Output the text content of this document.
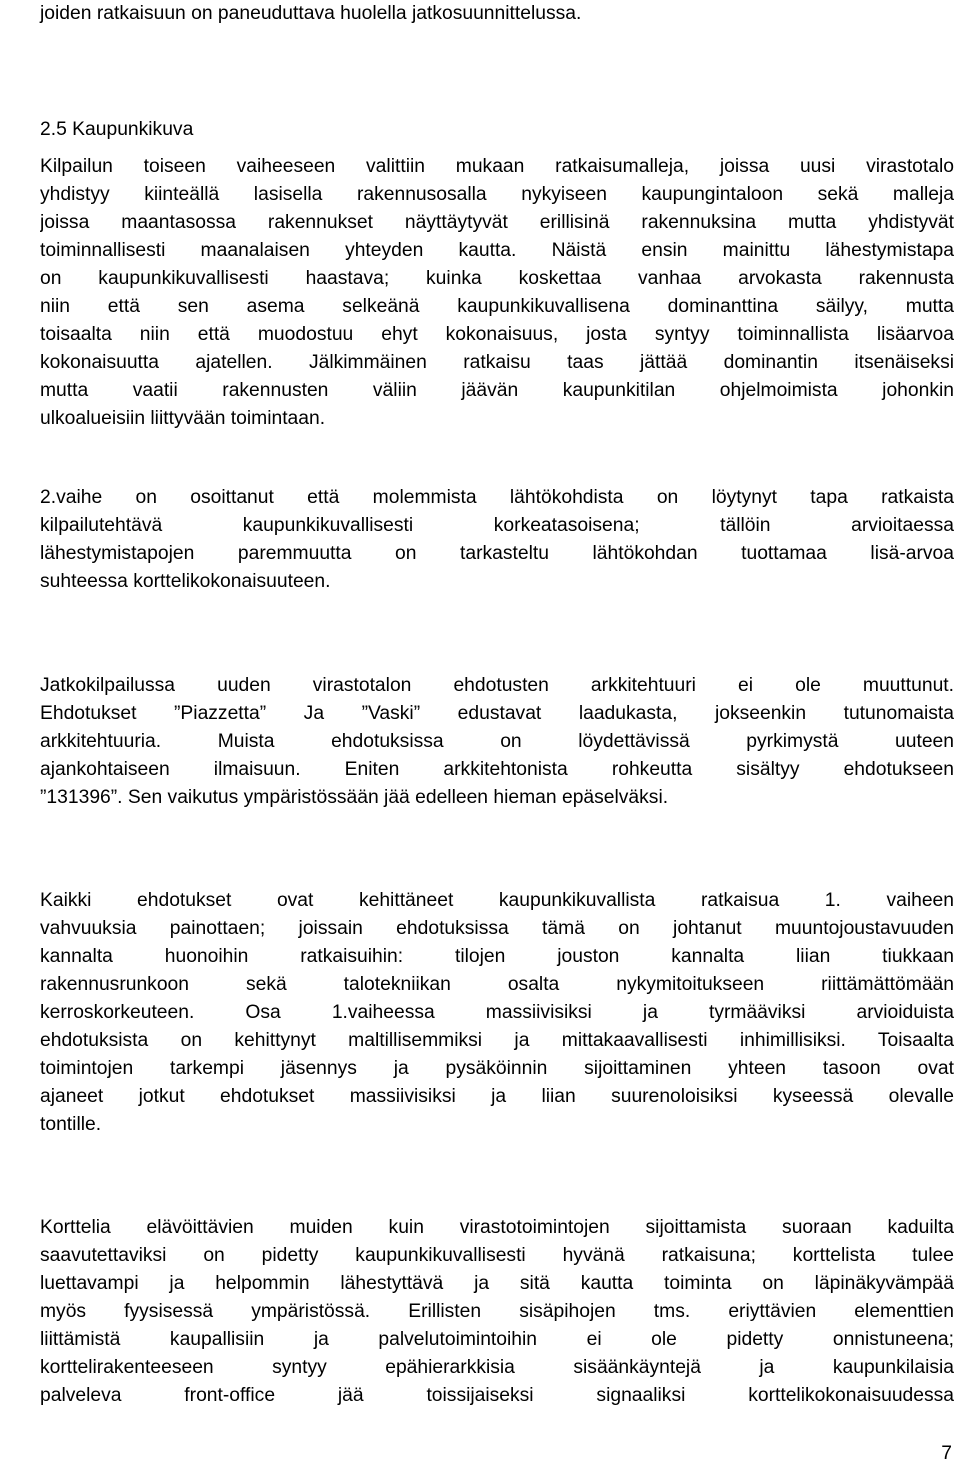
joiden ratkaisuun on paneuduttava huolella jatkosuunnittelussa.
2.5 Kaupunkikuva
Kilpailun toiseen vaiheeseen valittiin mukaan ratkaisumalleja, joissa uusi virastotalo
yhdistyy kiinteällä lasisella rakennusosalla nykyiseen kaupungintaloon sekä malleja
joissa maantasossa rakennukset näyttäytyvät erillisinä rakennuksina mutta yhdistyvät
toiminnallisesti maanalaisen yhteyden kautta. Näistä ensin mainittu lähestymistapa
on kaupunkikuvallisesti haastava; kuinka koskettaa vanhaa arvokasta rakennusta
niin että sen asema selkeänä kaupunkikuvallisena dominanttina säilyy, mutta
toisaalta niin että muodostuu ehyt kokonaisuus, josta syntyy toiminnallista lisäarvoa
kokonaisuutta ajatellen. Jälkimmäinen ratkaisu taas jättää dominantin itsenäiseksi
mutta vaatii rakennusten väliin jäävän kaupunkitilan ohjelmoimista johonkin
ulkoalueisiin liittyvään toimintaan.
2.vaihe on osoittanut että molemmista lähtökohdista on löytynyt tapa ratkaista
kilpailutehtävä kaupunkikuvallisesti korkeatasoisena; tällöin arvioitaessa
lähestymistapojen paremmuutta on tarkasteltu lähtökohdan tuottamaa lisä-arvoa
suhteessa korttelikokonaisuuteen.
Jatkokilpailussa uuden virastotalon ehdotusten arkkitehtuuri ei ole muuttunut.
Ehdotukset ”Piazzetta” Ja ”Vaski” edustavat laadukasta, jokseenkin tutunomaista
arkkitehtuuria. Muista ehdotuksissa on löydettävissä pyrkimystä uuteen
ajankohtaiseen ilmaisuun. Eniten arkkitehtonista rohkeutta sisältyy ehdotukseen
”131396”. Sen vaikutus ympäristössään jää edelleen hieman epäselväksi.
Kaikki ehdotukset ovat kehittäneet kaupunkikuvallista ratkaisua 1. vaiheen
vahvuuksia painottaen; joissain ehdotuksissa tämä on johtanut muuntojoustavuuden
kannalta huonoihin ratkaisuihin: tilojen jouston kannalta liian tiukkaan
rakennusrunkoon sekä talotekniikan osalta nykymitoitukseen riittämättömään
kerroskorkeuteen. Osa 1.vaiheessa massiivisiksi ja tyrmääviksi arvioiduista
ehdotuksista on kehittynyt maltillisemmiksi ja mittakaavallisesti inhimillisiksi. Toisaalta
toimintojen tarkempi jäsennys ja pysäköinnin sijoittaminen yhteen tasoon ovat
ajaneet jotkut ehdotukset massiivisiksi ja liian suurenoloisiksi kyseessä olevalle
tontille.
Korttelia elävöittävien muiden kuin virastotoimintojen sijoittamista suoraan kaduilta
saavutettaviksi on pidetty kaupunkikuvallisesti hyvänä ratkaisuna; korttelista tulee
luettavampi ja helpommin lähestyttävä ja sitä kautta toiminta on läpinäkyvämpää
myös fyysisessä ympäristössä. Erillisten sisäpihojen tms. eriyttävien elementtien
liittämistä kaupallisiin ja palvelutoimintoihin ei ole pidetty onnistuneena;
korttelirakenteeseen syntyy epähierarkkisia sisäänkäyntejä ja kaupunkilaisia
palveleva front-office jää toissijaiseksi signaaliksi korttelikokonaisuudessa
7
